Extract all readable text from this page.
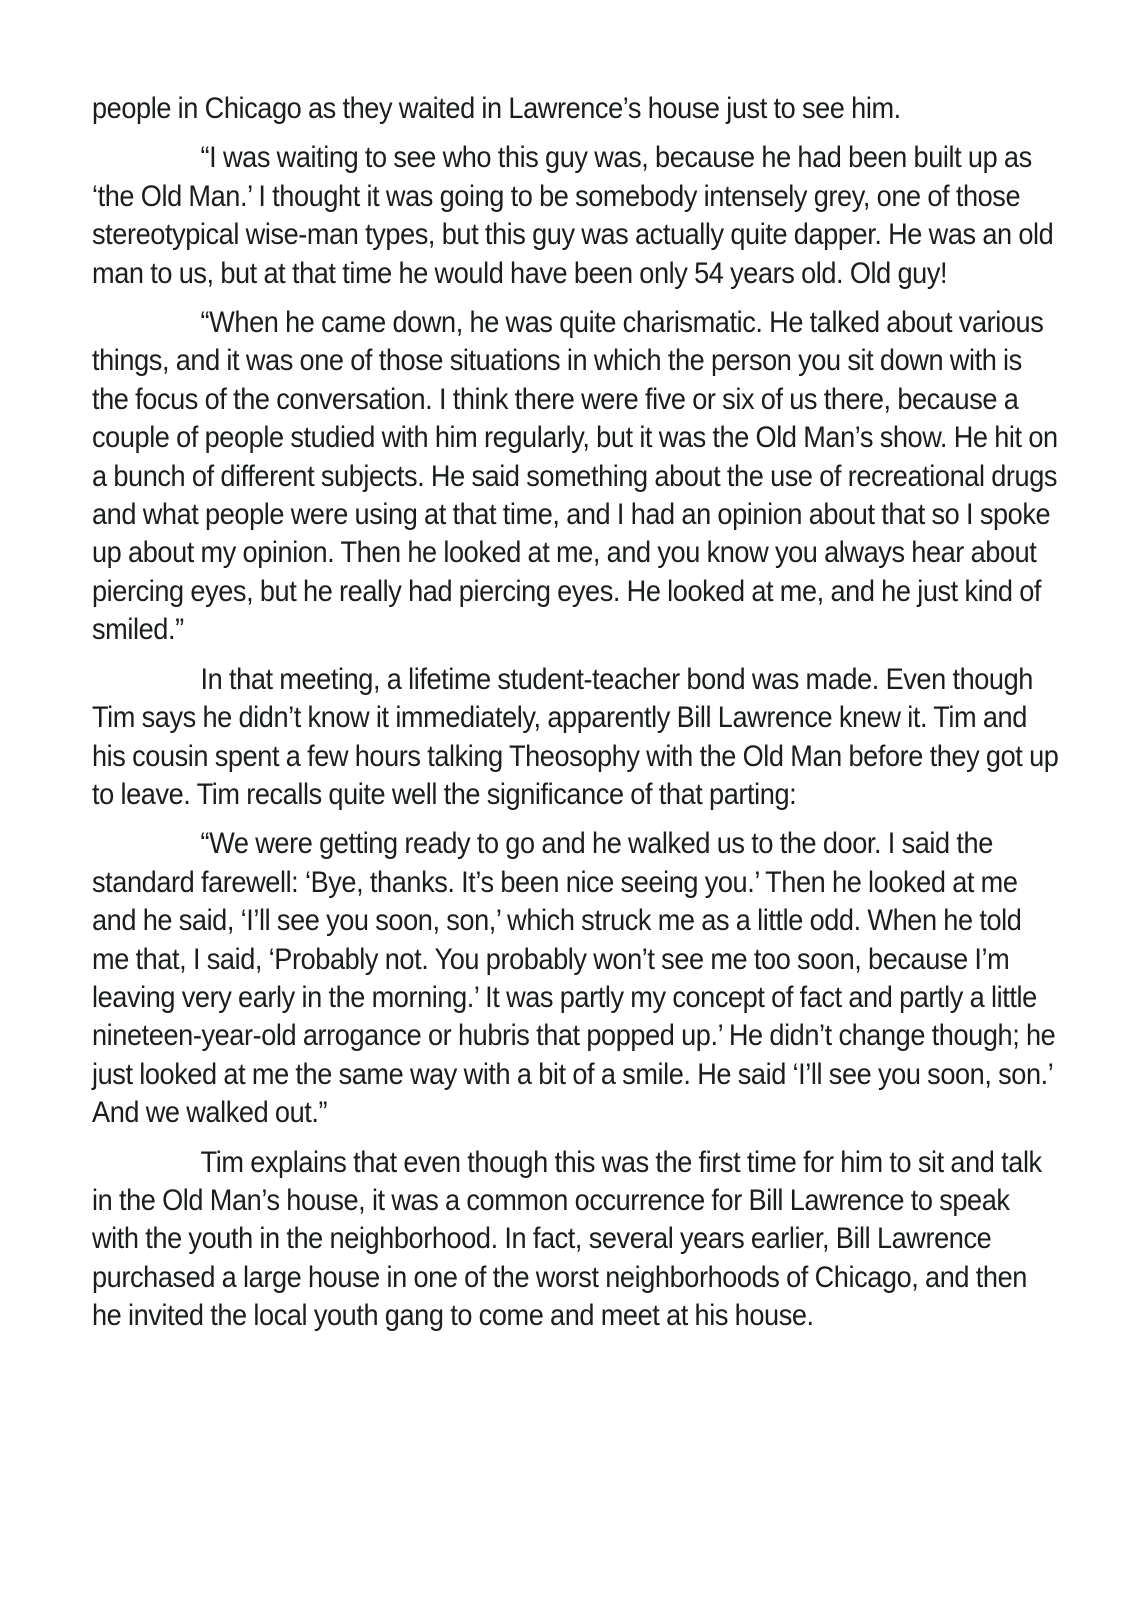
people in Chicago as they waited in Lawrence’s house just to see him.

“I was waiting to see who this guy was, because he had been built up as ‘the Old Man.’ I thought it was going to be somebody intensely grey, one of those stereotypical wise-man types, but this guy was actually quite dapper. He was an old man to us, but at that time he would have been only 54 years old. Old guy!

“When he came down, he was quite charismatic. He talked about various things, and it was one of those situations in which the person you sit down with is the focus of the conversation. I think there were five or six of us there, because a couple of people studied with him regularly, but it was the Old Man’s show. He hit on a bunch of different subjects. He said something about the use of recreational drugs and what people were using at that time, and I had an opinion about that so I spoke up about my opinion. Then he looked at me, and you know you always hear about piercing eyes, but he really had piercing eyes. He looked at me, and he just kind of smiled.”

In that meeting, a lifetime student-teacher bond was made. Even though Tim says he didn’t know it immediately, apparently Bill Lawrence knew it. Tim and his cousin spent a few hours talking Theosophy with the Old Man before they got up to leave. Tim recalls quite well the significance of that parting:

“We were getting ready to go and he walked us to the door. I said the standard farewell: ‘Bye, thanks. It’s been nice seeing you.’ Then he looked at me and he said, ‘I’ll see you soon, son,’ which struck me as a little odd. When he told me that, I said, ‘Probably not. You probably won’t see me too soon, because I’m leaving very early in the morning.’ It was partly my concept of fact and partly a little nineteen-year-old arrogance or hubris that popped up.’ He didn’t change though; he just looked at me the same way with a bit of a smile. He said ‘I’ll see you soon, son.’ And we walked out.”

Tim explains that even though this was the first time for him to sit and talk in the Old Man’s house, it was a common occurrence for Bill Lawrence to speak with the youth in the neighborhood. In fact, several years earlier, Bill Lawrence purchased a large house in one of the worst neighborhoods of Chicago, and then he invited the local youth gang to come and meet at his house.
